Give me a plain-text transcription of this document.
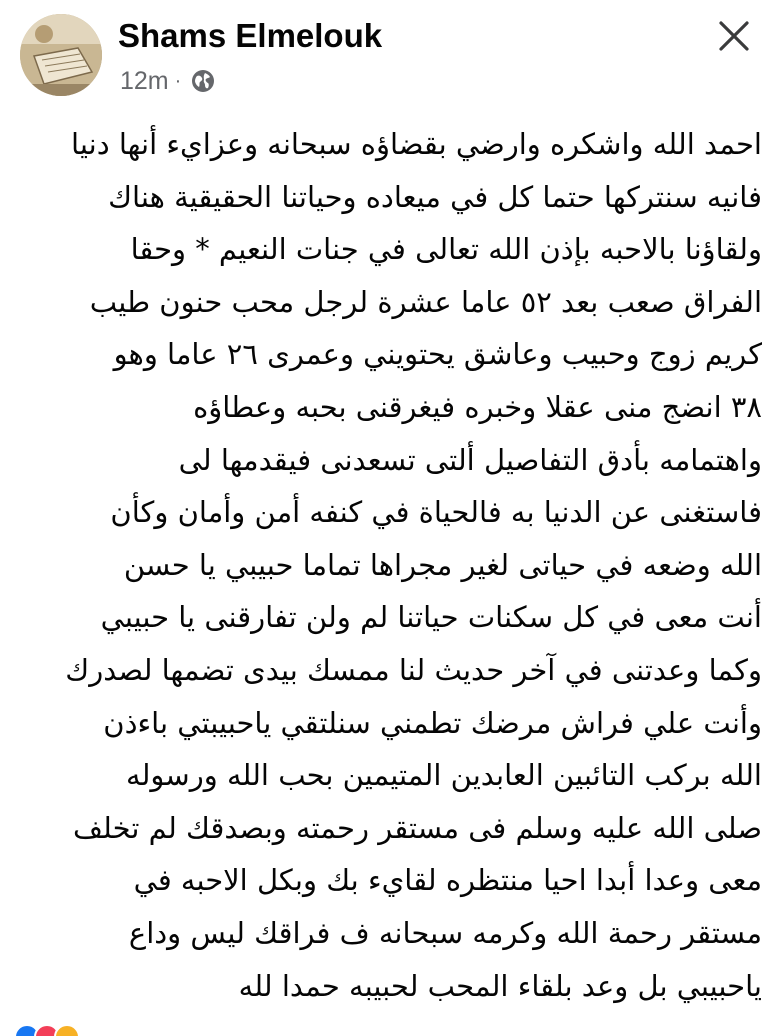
Shams Elmelouk
12m ·
احمد الله واشكره وارضي بقضاؤه سبحانه وعزايء أنها دنيا
فانيه سنتركها حتما كل في ميعاده وحياتنا الحقيقية هناك
ولقاؤنا بالاحبه بإذن الله تعالى في جنات النعيم * وحقا
الفراق صعب بعد ٥٢ عاما عشرة لرجل محب حنون طيب
كريم زوج وحبيب وعاشق يحتويني وعمرى ٢٦ عاما وهو
٣٨ انضج منى عقلا وخبره فيغرقنى بحبه وعطاؤه
واهتمامه بأدق التفاصيل ألتى تسعدنى فيقدمها لى
فاستغنى عن الدنيا به فالحياة في كنفه أمن وأمان وكأن
الله وضعه في حياتى لغير مجراها تماما حبيبي يا حسن
أنت معى في كل سكنات حياتنا لم ولن تفارقنى يا حبيبي
وكما وعدتنى في آخر حديث لنا ممسك بيدى تضمها لصدرك
وأنت علي فراش مرضك تطمني سنلتقي ياحبيبتي باءذن
الله بركب التائبين العابدين المتيمين بحب الله ورسوله
صلى الله عليه وسلم فى مستقر رحمته وبصدقك لم تخلف
معى وعدا أبدا احيا منتظره لقايء بك وبكل الاحبه في
مستقر رحمة الله وكرمه سبحانه ف فراقك ليس وداع
ياحبيبي بل وعد بلقاء المحب لحبيبه حمدا لله
